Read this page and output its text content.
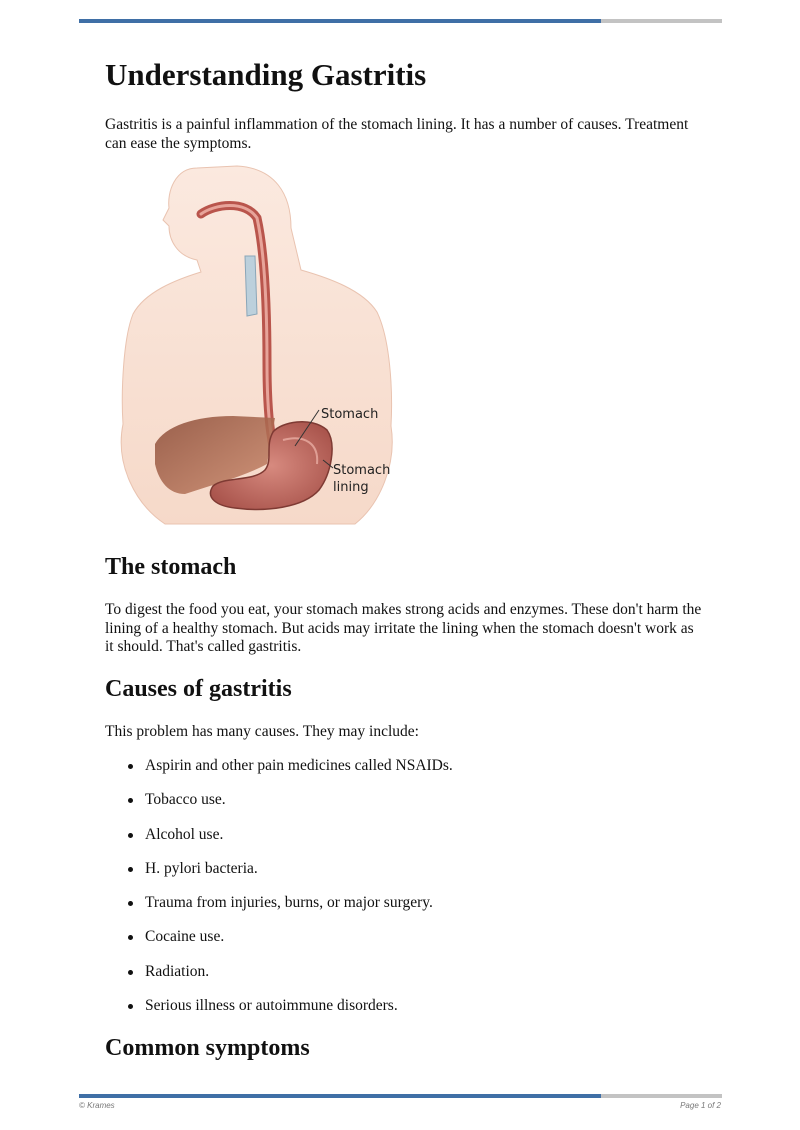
Understanding Gastritis

Gastritis is a painful inflammation of the stomach lining. It has a number of causes. Treatment can ease the symptoms.

Stomach
Stomach
lining
The stomach

To digest the food you eat, your stomach makes strong acids and enzymes. These don't harm the lining of a healthy stomach. But acids may irritate the lining when the stomach doesn't work as it should. That's called gastritis.

Causes of gastritis

This problem has many causes. They may include:

Aspirin and other pain medicines called NSAIDs.
Tobacco use.
Alcohol use.
H. pylori bacteria.
Trauma from injuries, burns, or major surgery.
Cocaine use.
Radiation.
Serious illness or autoimmune disorders.
Common symptoms
© Krames	Page 1 of 2
